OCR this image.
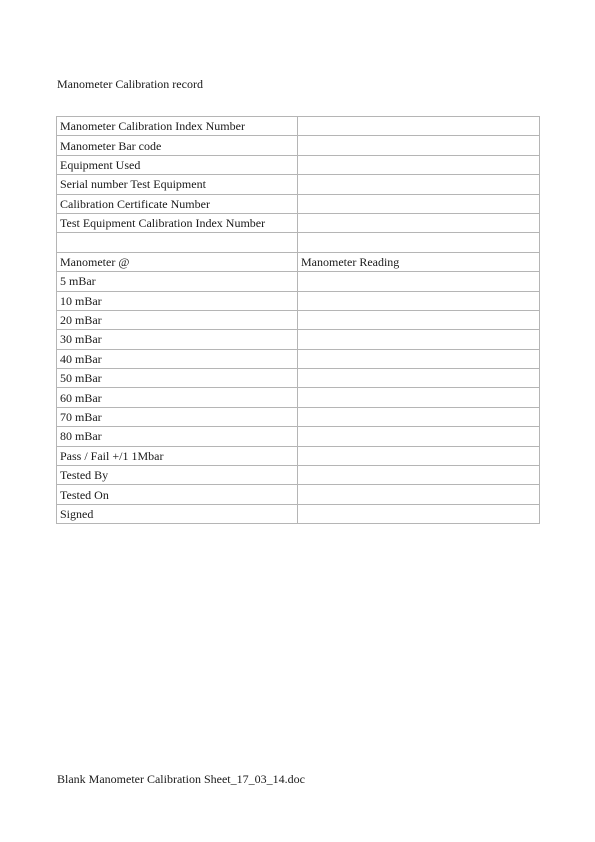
Manometer Calibration record
Manometer Calibration Index Number	
Manometer Bar code	
Equipment Used	
Serial number Test Equipment	
Calibration Certificate Number	
Test Equipment Calibration Index Number	

Manometer @	Manometer Reading
5 mBar	
10 mBar	
20 mBar	
30 mBar	
40 mBar	
50 mBar	
60 mBar	
70 mBar	
80 mBar	
Pass / Fail +/1 1Mbar	
Tested By	
Tested On	
Signed	
Blank Manometer Calibration Sheet_17_03_14.doc
